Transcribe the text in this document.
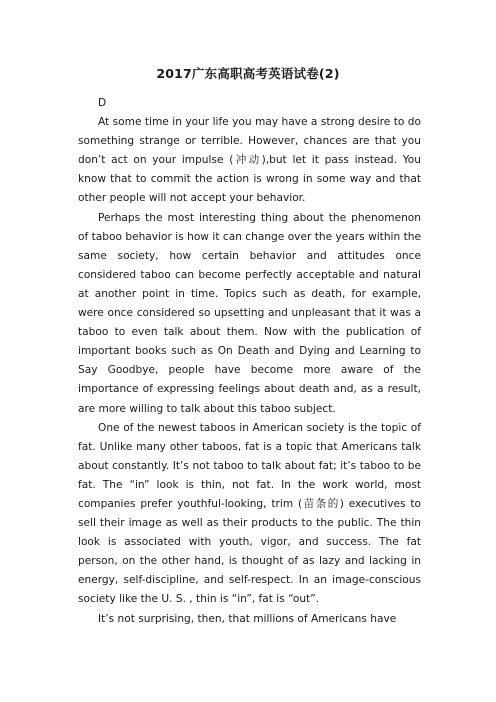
2017广东高职高考英语试卷(2)

D

At some time in your life you may have a strong desire to do something strange or terrible. However, chances are that you don’t act on your impulse (冲动),but let it pass instead. You know that to commit the action is wrong in some way and that other people will not accept your behavior.

Perhaps the most interesting thing about the phenomenon of taboo behavior is how it can change over the years within the same society, how certain behavior and attitudes once considered taboo can become perfectly acceptable and natural at another point in time. Topics such as death, for example, were once considered so upsetting and unpleasant that it was a taboo to even talk about them. Now with the publication of important books such as On Death and Dying and Learning to Say Goodbye, people have become more aware of the importance of expressing feelings about death and, as a result, are more willing to talk about this taboo subject.

One of the newest taboos in American society is the topic of fat. Unlike many other taboos, fat is a topic that Americans talk about constantly. It’s not taboo to talk about fat; it’s taboo to be fat. The “in” look is thin, not fat. In the work world, most companies prefer youthful-looking, trim (苗条的) executives to sell their image as well as their products to the public. The thin look is associated with youth, vigor, and success. The fat person, on the other hand, is thought of as lazy and lacking in energy, self-discipline, and self-respect. In an image-conscious society like the U. S. , thin is “in”, fat is “out”.

It’s not surprising, then, that millions of Americans have
